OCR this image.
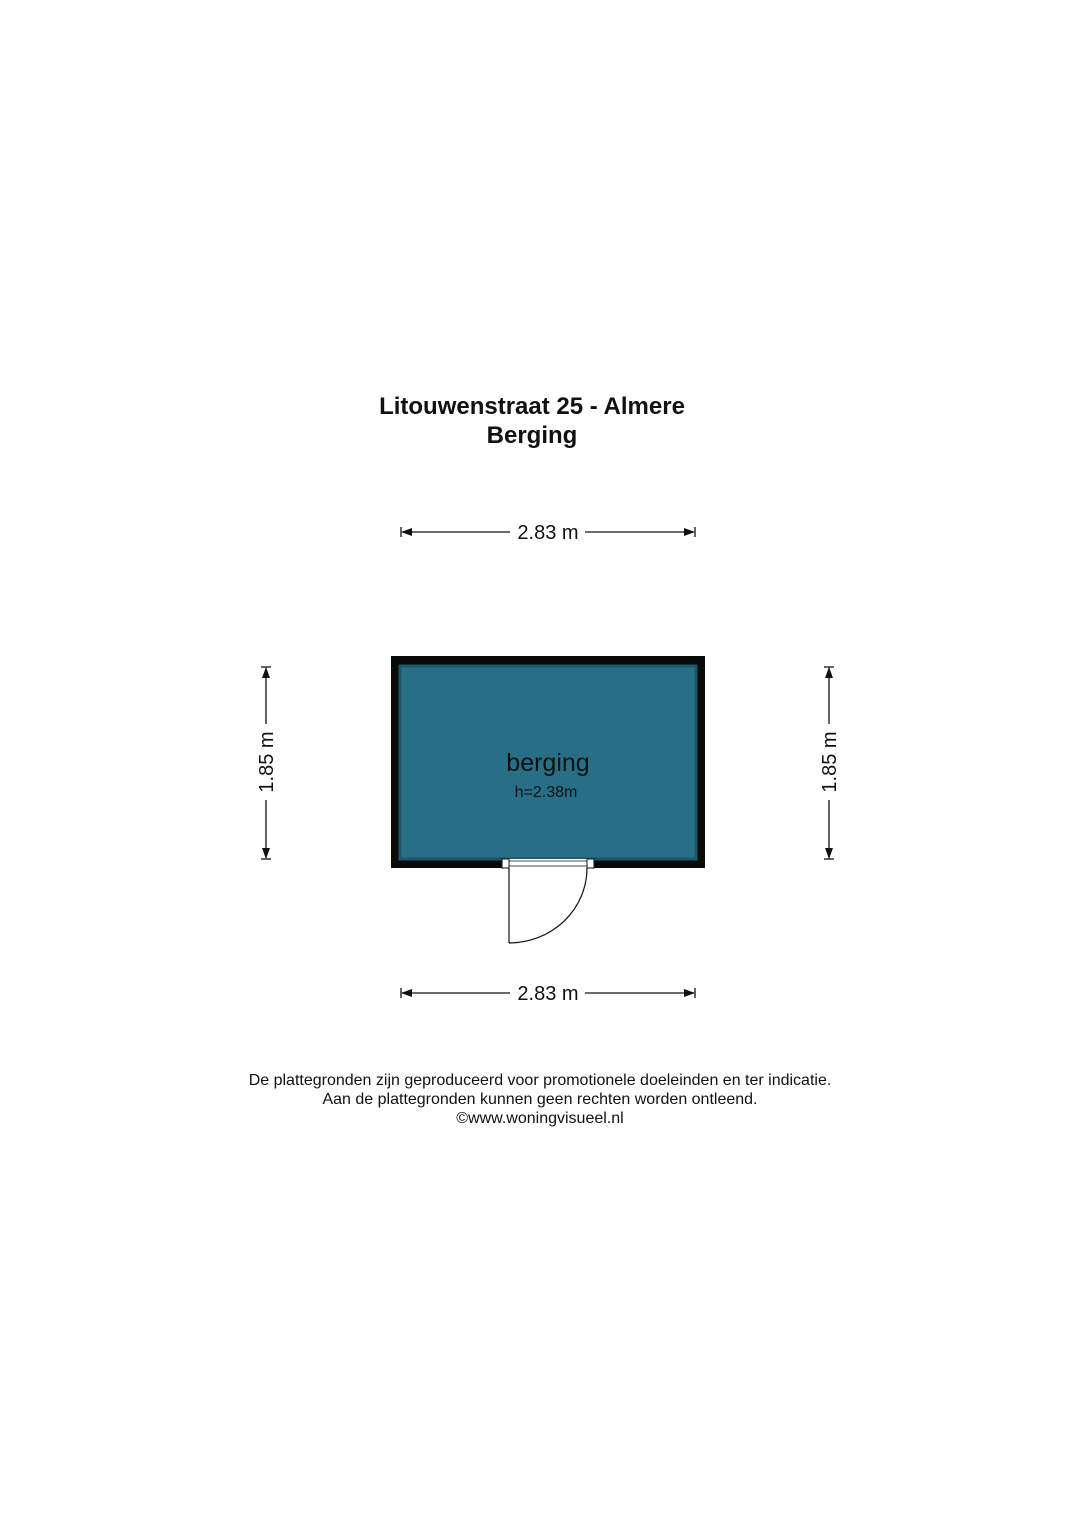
Litouwenstraat 25 - Almere
Berging
2.83 m
2.83 m
1.85 m	1.85 m
berging
h=2.38m
De plattegronden zijn geproduceerd voor promotionele doeleinden en ter indicatie.
Aan de plattegronden kunnen geen rechten worden ontleend.
©www.woningvisueel.nl
